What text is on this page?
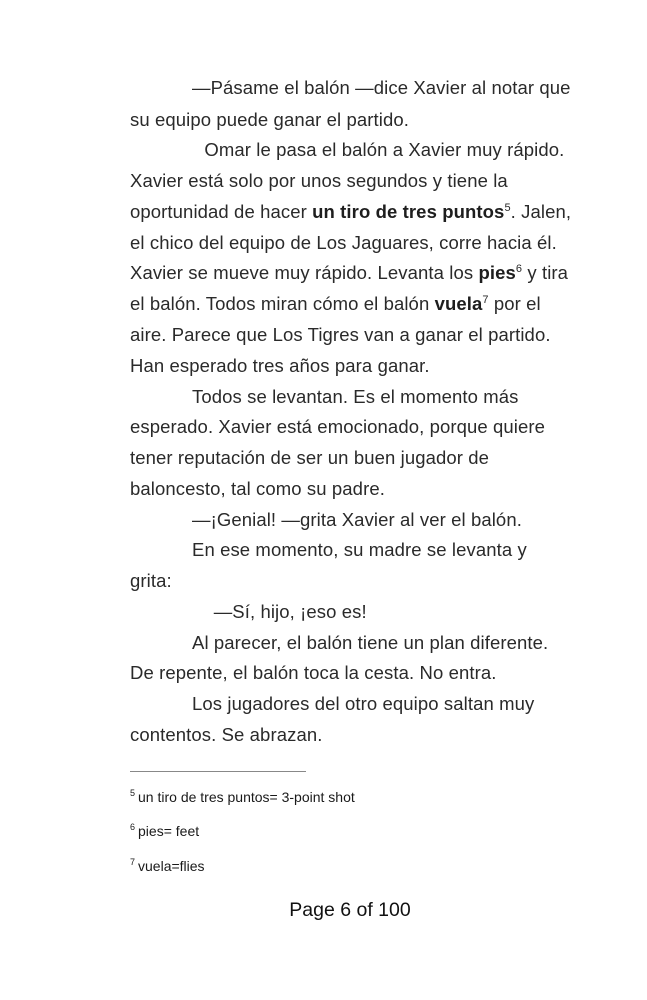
—Pásame el balón —dice Xavier al notar que
su equipo puede ganar el partido.
Omar le pasa el balón a Xavier muy rápido.
Xavier está solo por unos segundos y tiene la
oportunidad de hacer un tiro de tres puntos$^5$. Jalen,
el chico del equipo de Los Jaguares, corre hacia él.
Xavier se mueve muy rápido. Levanta los pies$^6$ y tira
el balón. Todos miran cómo el balón vuela$^7$ por el
aire. Parece que Los Tigres van a ganar el partido.
Han esperado tres años para ganar.
Todos se levantan. Es el momento más
esperado. Xavier está emocionado, porque quiere
tener reputación de ser un buen jugador de
baloncesto, tal como su padre.
—¡Genial! —grita Xavier al ver el balón.
En ese momento, su madre se levanta y
grita:
—Sí, hijo, ¡eso es!
Al parecer, el balón tiene un plan diferente.
De repente, el balón toca la cesta. No entra.
Los jugadores del otro equipo saltan muy
contentos. Se abrazan.
$^5$ un tiro de tres puntos= 3-point shot
$^6$ pies= feet
$^7$ vuela=flies
Page 6 of 100
